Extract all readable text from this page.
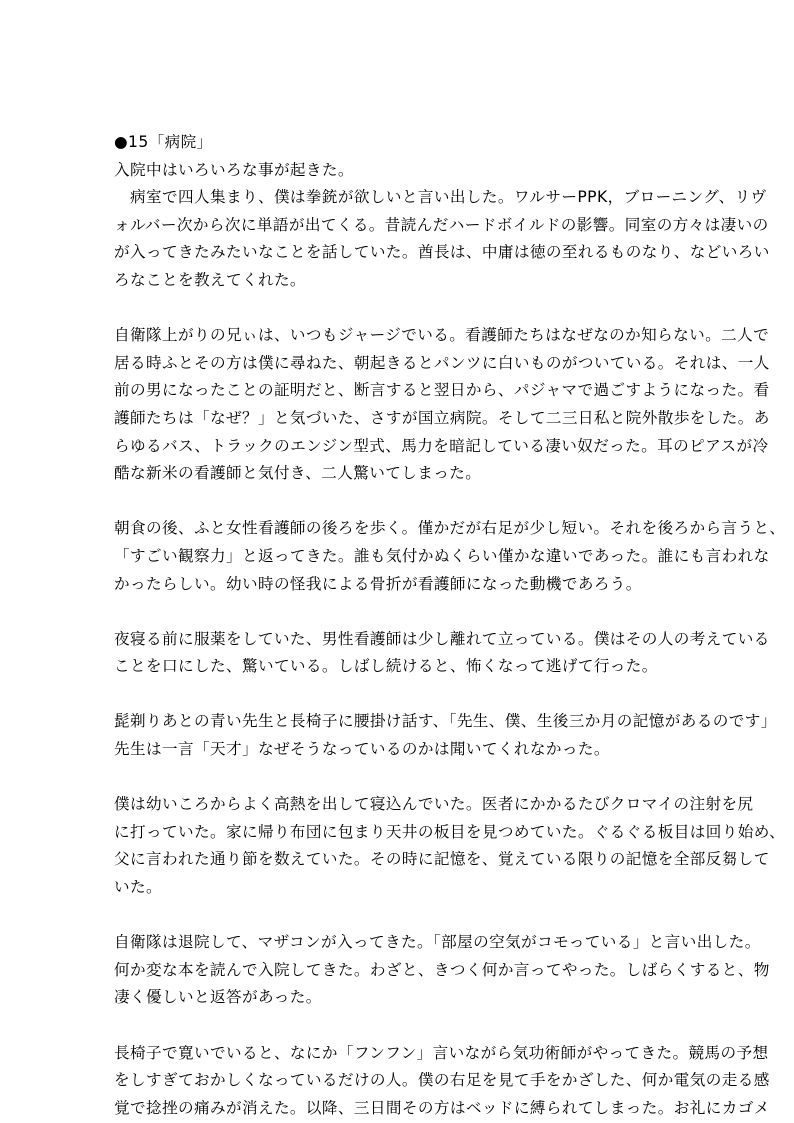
●15「病院」

入院中はいろいろな事が起きた。

　病室で四人集まり、僕は拳銃が欲しいと言い出した。ワルサーPPK，ブローニング、リヴ

ォルバー次から次に単語が出てくる。昔読んだハードボイルドの影響。同室の方々は凄いの

が入ってきたみたいなことを話していた。酋長は、中庸は徳の至れるものなり、などいろい

ろなことを教えてくれた。

自衛隊上がりの兄ぃは、いつもジャージでいる。看護師たちはなぜなのか知らない。二人で

居る時ふとその方は僕に尋ねた、朝起きるとパンツに白いものがついている。それは、一人

前の男になったことの証明だと、断言すると翌日から、パジャマで過ごすようになった。看

護師たちは「なぜ？」と気づいた、さすが国立病院。そして二三日私と院外散歩をした。あ

らゆるバス、トラックのエンジン型式、馬力を暗記している凄い奴だった。耳のピアスが冷

酷な新米の看護師と気付き、二人驚いてしまった。

朝食の後、ふと女性看護師の後ろを歩く。僅かだが右足が少し短い。それを後ろから言うと、

「すごい観察力」と返ってきた。誰も気付かぬくらい僅かな違いであった。誰にも言われな

かったらしい。幼い時の怪我による骨折が看護師になった動機であろう。

夜寝る前に服薬をしていた、男性看護師は少し離れて立っている。僕はその人の考えている

ことを口にした、驚いている。しばし続けると、怖くなって逃げて行った。

髭剃りあとの青い先生と長椅子に腰掛け話す、「先生、僕、生後三か月の記憶があるのです」

先生は一言「天才」なぜそうなっているのかは聞いてくれなかった。

僕は幼いころからよく高熱を出して寝込んでいた。医者にかかるたびクロマイの注射を尻

に打っていた。家に帰り布団に包まり天井の板目を見つめていた。ぐるぐる板目は回り始め、

父に言われた通り節を数えていた。その時に記憶を、覚えている限りの記憶を全部反芻して

いた。

自衛隊は退院して、マザコンが入ってきた。「部屋の空気がコモっている」と言い出した。

何か変な本を読んで入院してきた。わざと、きつく何か言ってやった。しばらくすると、物

凄く優しいと返答があった。

長椅子で寛いでいると、なにか「フンフン」言いながら気功術師がやってきた。競馬の予想

をしすぎておかしくなっているだけの人。僕の右足を見て手をかざした、何か電気の走る感

覚で捻挫の痛みが消えた。以降、三日間その方はベッドに縛られてしまった。お礼にカゴメ
